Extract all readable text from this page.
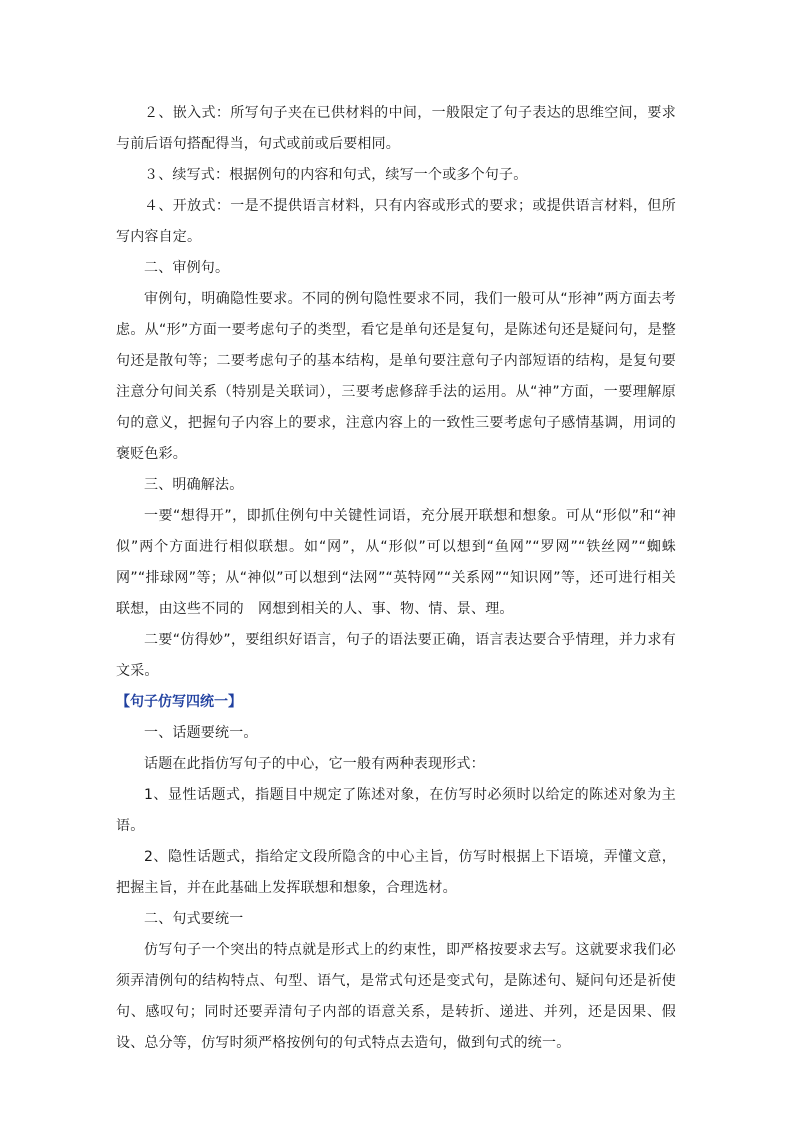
２、嵌入式：所写句子夹在已供材料的中间，一般限定了句子表达的思维空间，要求与前后语句搭配得当，句式或前或后要相同。

３、续写式：根据例句的内容和句式，续写一个或多个句子。

４、开放式：一是不提供语言材料，只有内容或形式的要求；或提供语言材料，但所写内容自定。

二、审例句。

审例句，明确隐性要求。不同的例句隐性要求不同，我们一般可从“形神”两方面去考虑。从“形”方面一要考虑句子的类型，看它是单句还是复句，是陈述句还是疑问句，是整句还是散句等；二要考虑句子的基本结构，是单句要注意句子内部短语的结构，是复句要注意分句间关系（特别是关联词），三要考虑修辞手法的运用。从“神”方面，一要理解原句的意义，把握句子内容上的要求，注意内容上的一致性三要考虑句子感情基调，用词的褒贬色彩。

三、明确解法。

一要“想得开”，即抓住例句中关键性词语，充分展开联想和想象。可从“形似”和“神似”两个方面进行相似联想。如“网”，从“形似”可以想到“鱼网”“罗网”“铁丝网”“蜘蛛网”“排球网”等；从“神似”可以想到“法网”“英特网”“关系网”“知识网”等，还可进行相关联想，由这些不同的　网想到相关的人、事、物、情、景、理。

二要“仿得妙”，要组织好语言，句子的语法要正确，语言表达要合乎情理，并力求有文采。

【句子仿写四统一】

一、话题要统一。

话题在此指仿写句子的中心，它一般有两种表现形式：

1、显性话题式，指题目中规定了陈述对象，在仿写时必须时以给定的陈述对象为主语。

2、隐性话题式，指给定文段所隐含的中心主旨，仿写时根据上下语境，弄懂文意，把握主旨，并在此基础上发挥联想和想象，合理选材。

二、句式要统一

仿写句子一个突出的特点就是形式上的约束性，即严格按要求去写。这就要求我们必须弄清例句的结构特点、句型、语气，是常式句还是变式句，是陈述句、疑问句还是祈使句、感叹句；同时还要弄清句子内部的语意关系，是转折、递进、并列，还是因果、假设、总分等，仿写时须严格按例句的句式特点去造句，做到句式的统一。
